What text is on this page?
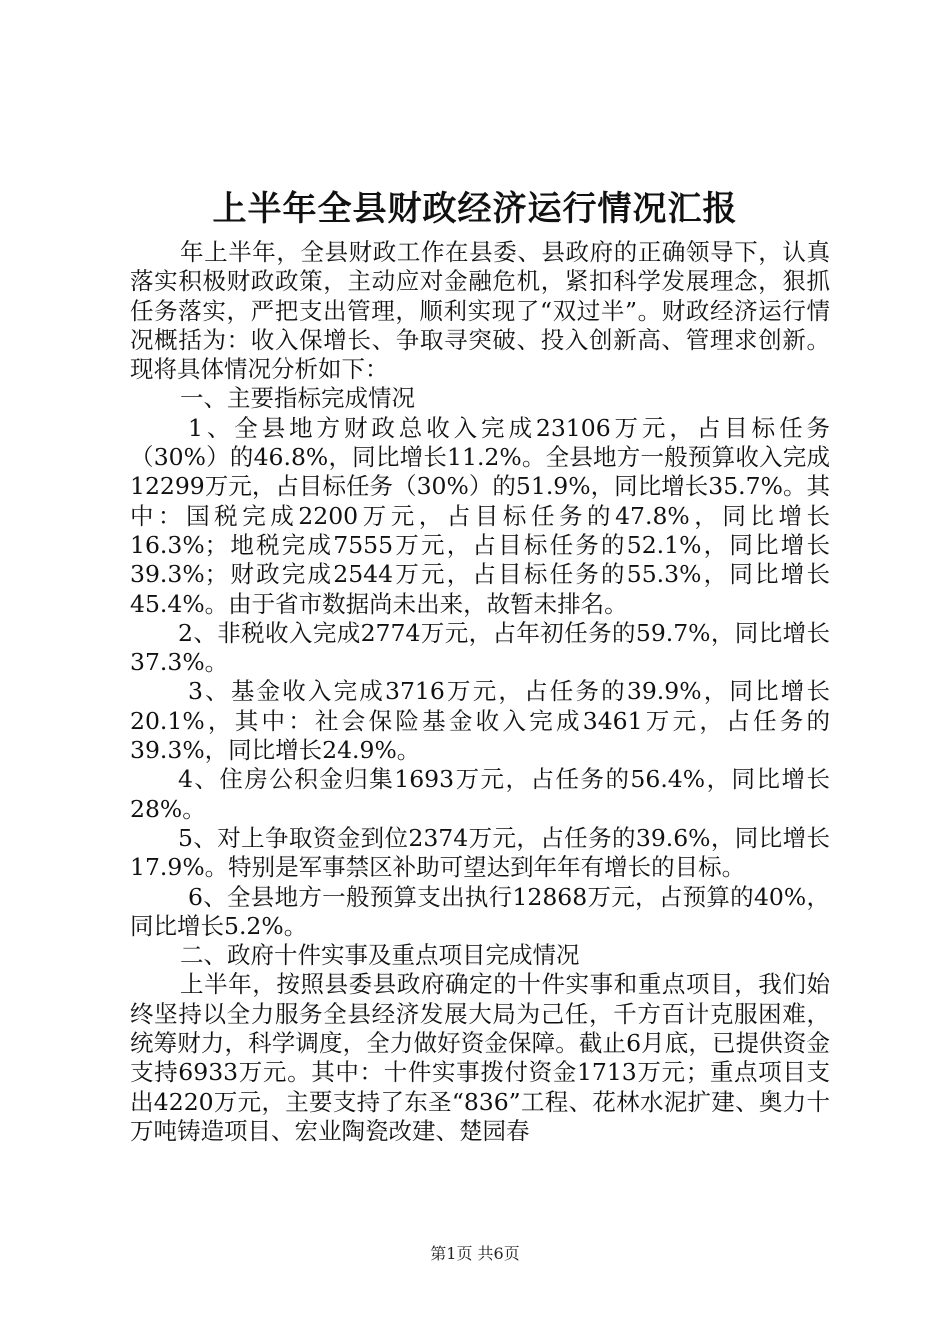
上半年全县财政经济运行情况汇报

年上半年，全县财政工作在县委、县政府的正确领导下，认真落实积极财政政策，主动应对金融危机，紧扣科学发展理念，狠抓任务落实，严把支出管理，顺利实现了“双过半”。财政经济运行情况概括为：收入保增长、争取寻突破、投入创新高、管理求创新。现将具体情况分析如下：

一、主要指标完成情况

1、全县地方财政总收入完成23106万元，占目标任务（30%）的46.8%，同比增长11.2%。全县地方一般预算收入完成12299万元，占目标任务（30%）的51.9%，同比增长35.7%。其中：国税完成2200万元，占目标任务的47.8%，同比增长16.3%；地税完成7555万元，占目标任务的52.1%，同比增长39.3%；财政完成2544万元，占目标任务的55.3%，同比增长45.4%。由于省市数据尚未出来，故暂未排名。

2、非税收入完成2774万元，占年初任务的59.7%，同比增长37.3%。

3、基金收入完成3716万元，占任务的39.9%，同比增长20.1%，其中：社会保险基金收入完成3461万元，占任务的39.3%，同比增长24.9%。

4、住房公积金归集1693万元，占任务的56.4%，同比增长28%。

5、对上争取资金到位2374万元，占任务的39.6%，同比增长17.9%。特别是军事禁区补助可望达到年年有增长的目标。

6、全县地方一般预算支出执行12868万元，占预算的40%，同比增长5.2%。

二、政府十件实事及重点项目完成情况

上半年，按照县委县政府确定的十件实事和重点项目，我们始终坚持以全力服务全县经济发展大局为己任，千方百计克服困难，统筹财力，科学调度，全力做好资金保障。截止6月底，已提供资金支持6933万元。其中：十件实事拨付资金1713万元；重点项目支出4220万元，主要支持了东圣“836”工程、花林水泥扩建、奥力十万吨铸造项目、宏业陶瓷改建、楚园春

第1页 共6页
